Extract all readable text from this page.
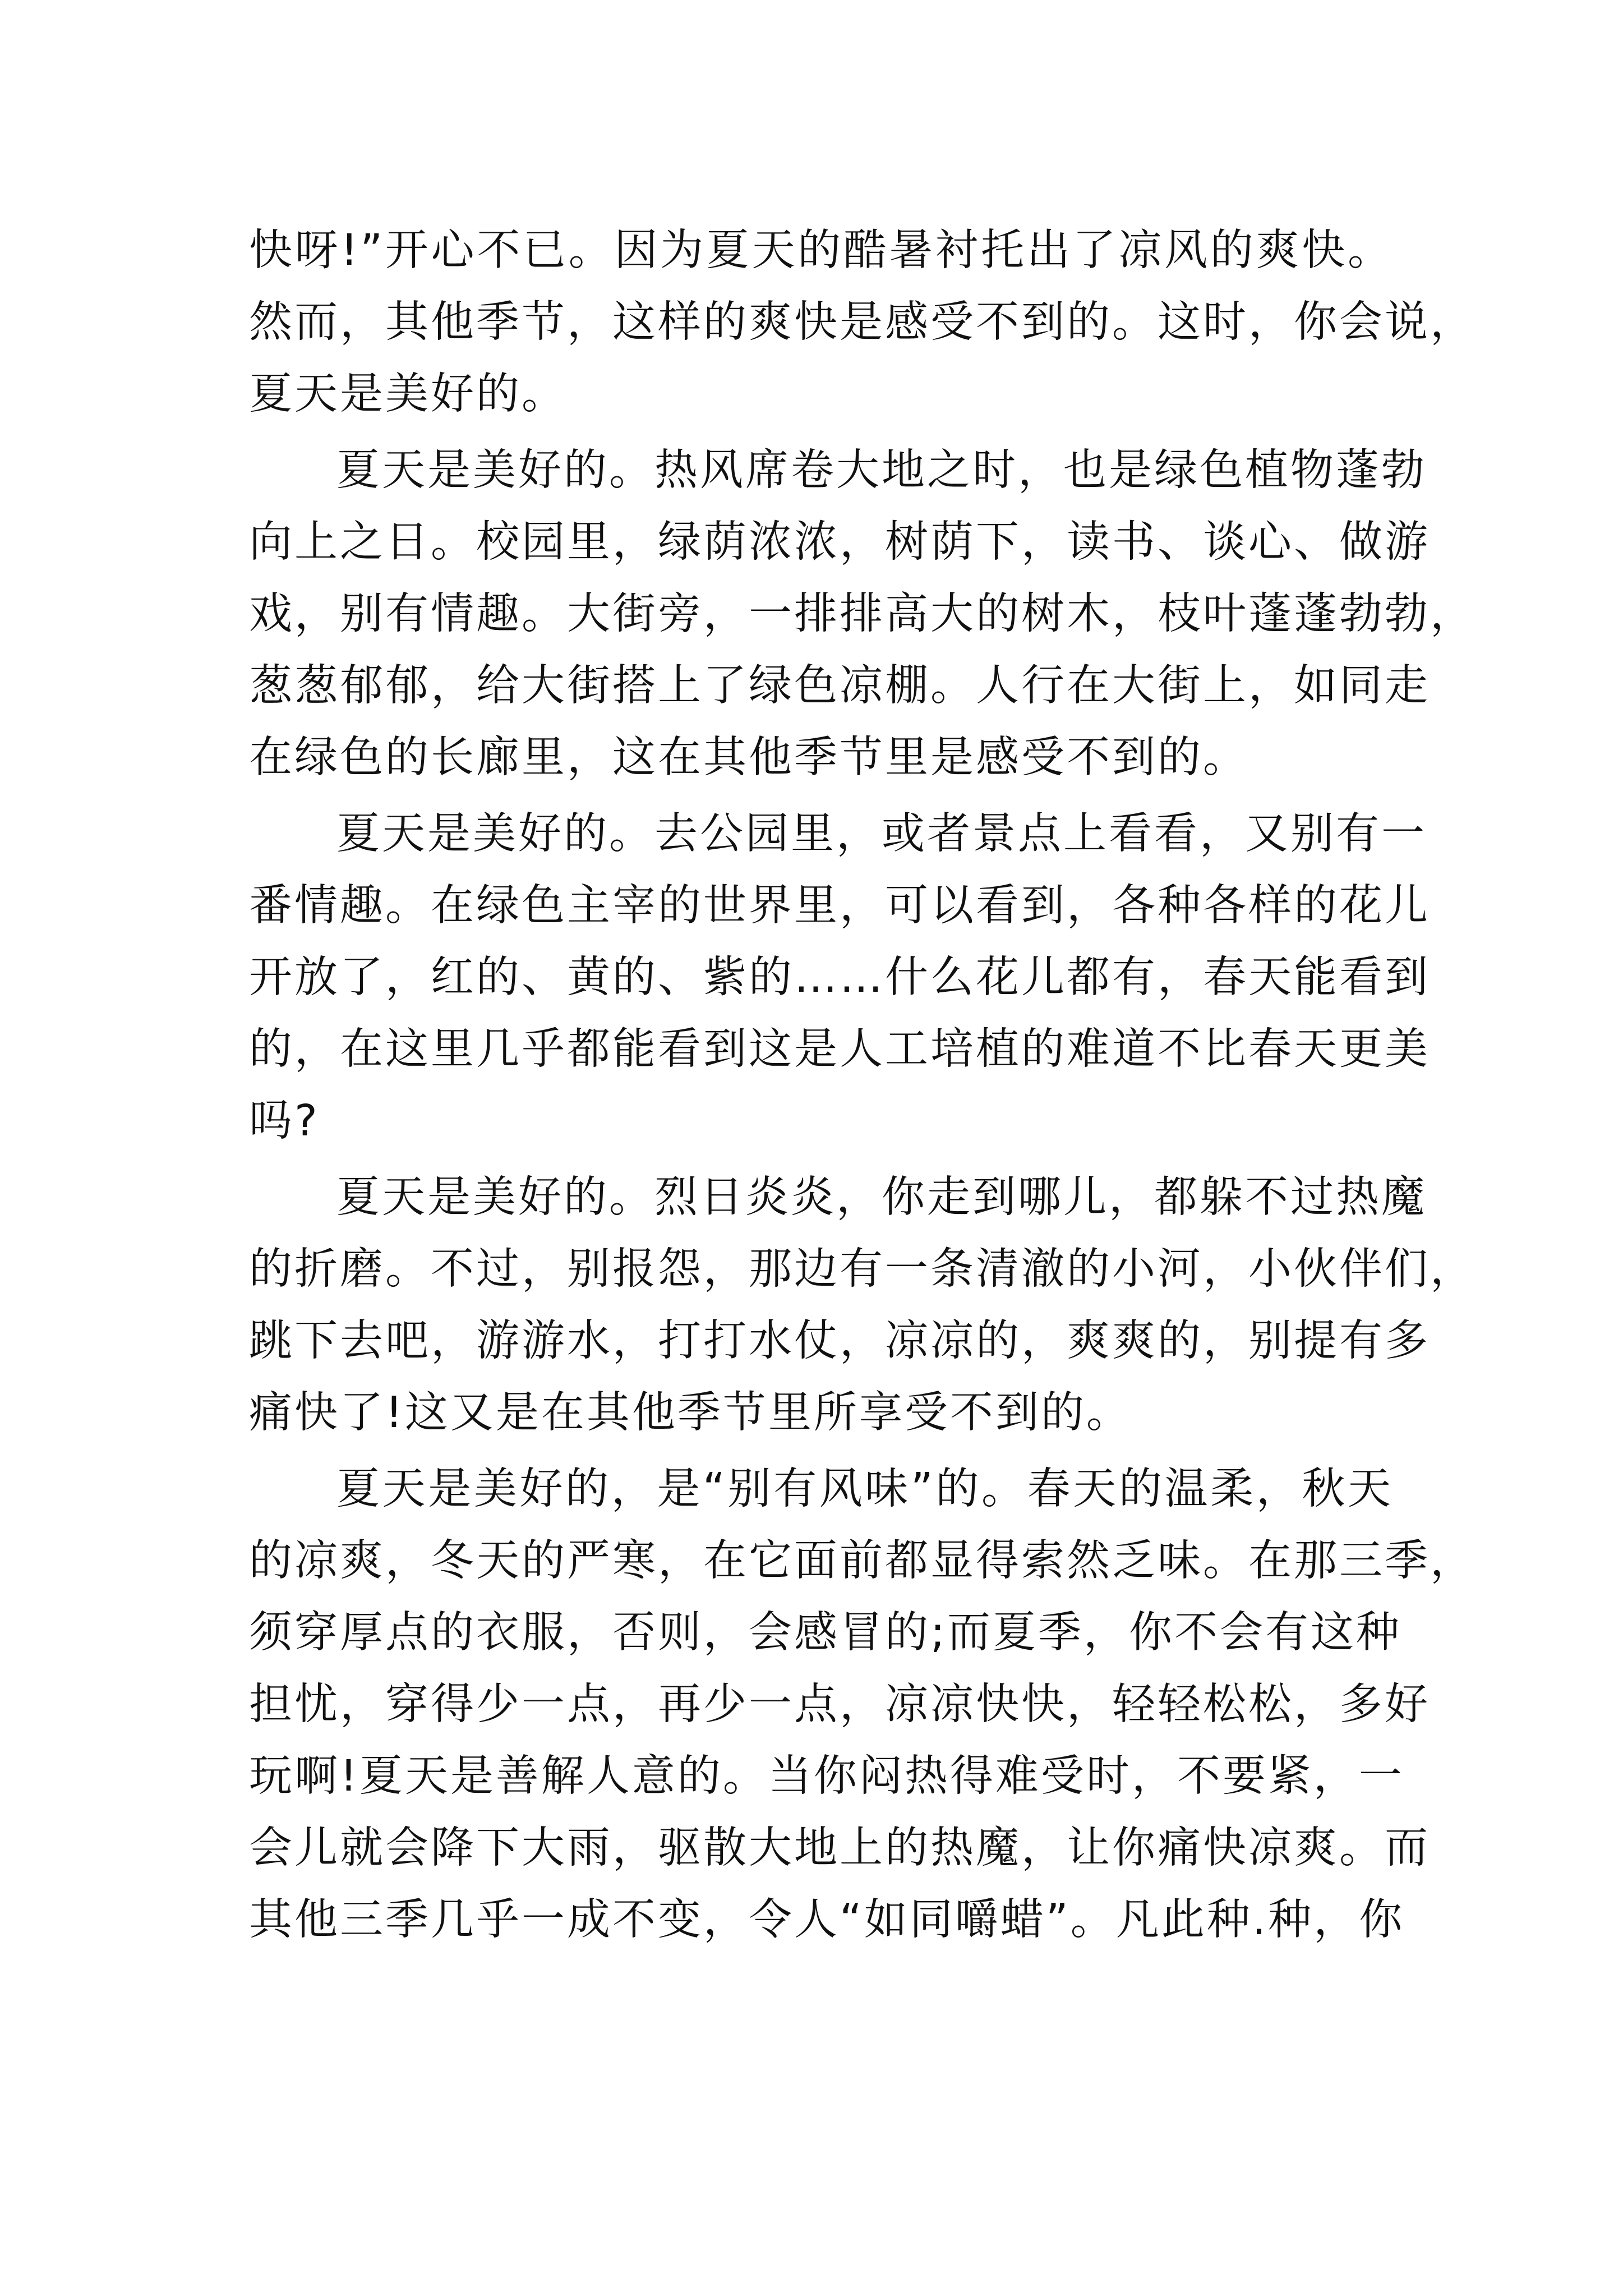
快呀!”开心不已。因为夏天的酷暑衬托出了凉风的爽快。
然而，其他季节，这样的爽快是感受不到的。这时，你会说，
夏天是美好的。
夏天是美好的。热风席卷大地之时，也是绿色植物蓬勃
向上之日。校园里，绿荫浓浓，树荫下，读书、谈心、做游
戏，别有情趣。大街旁，一排排高大的树木，枝叶蓬蓬勃勃，
葱葱郁郁，给大街搭上了绿色凉棚。人行在大街上，如同走
在绿色的长廊里，这在其他季节里是感受不到的。
夏天是美好的。去公园里，或者景点上看看，又别有一
番情趣。在绿色主宰的世界里，可以看到，各种各样的花儿
开放了，红的、黄的、紫的……什么花儿都有，春天能看到
的，在这里几乎都能看到这是人工培植的难道不比春天更美
吗?
夏天是美好的。烈日炎炎，你走到哪儿，都躲不过热魔
的折磨。不过，别报怨，那边有一条清澈的小河，小伙伴们，
跳下去吧，游游水，打打水仗，凉凉的，爽爽的，别提有多
痛快了!这又是在其他季节里所享受不到的。
夏天是美好的，是“别有风味”的。春天的温柔，秋天
的凉爽，冬天的严寒，在它面前都显得索然乏味。在那三季，
须穿厚点的衣服，否则，会感冒的;而夏季，你不会有这种
担忧，穿得少一点，再少一点，凉凉快快，轻轻松松，多好
玩啊!夏天是善解人意的。当你闷热得难受时，不要紧，一
会儿就会降下大雨，驱散大地上的热魔，让你痛快凉爽。而
其他三季几乎一成不变，令人“如同嚼蜡”。凡此种.种，你
